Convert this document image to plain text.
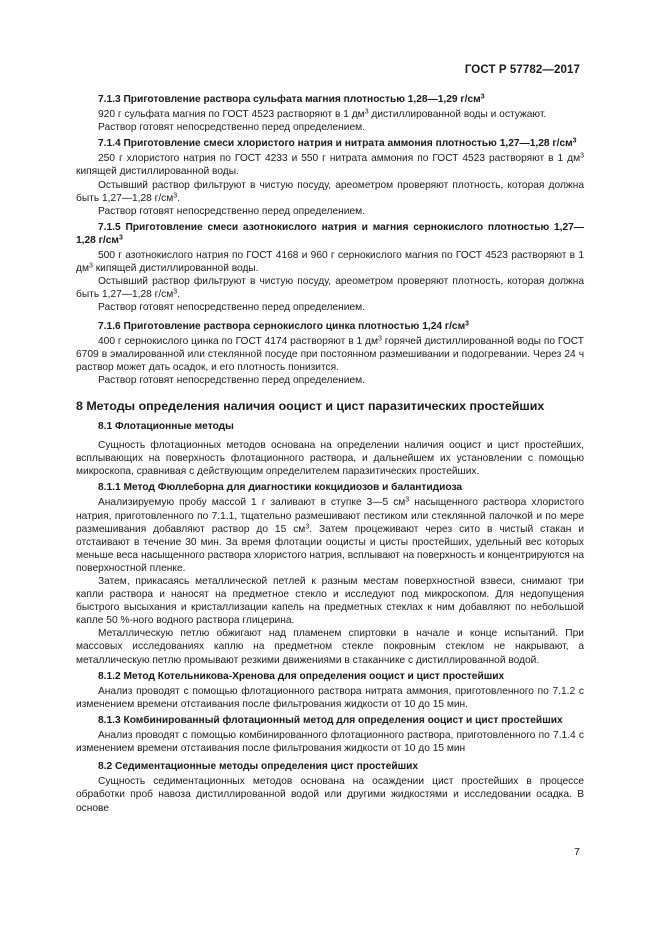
ГОСТ Р 57782—2017

7.1.3 Приготовление раствора сульфата магния плотностью 1,28—1,29 $г/см^3$

920 г сульфата магния по ГОСТ 4523 растворяют в 1 $дм^3$ дистиллированной воды и остужают.

Раствор готовят непосредственно перед определением.

7.1.4 Приготовление смеси хлористого натрия и нитрата аммония плотностью 1,27—1,28 $г/см^3$

250 г хлористого натрия по ГОСТ 4233 и 550 г нитрата аммония по ГОСТ 4523 растворяют в 1 $дм^3$ кипящей дистиллированной воды.

Остывший раствор фильтруют в чистую посуду, ареометром проверяют плотность, которая должна быть 1,27—1,28 $г/см^3$.

Раствор готовят непосредственно перед определением.

7.1.5 Приготовление смеси азотнокислого натрия и магния сернокислого плотностью 1,27—1,28 $г/см^3$

500 г азотнокислого натрия по ГОСТ 4168 и 960 г сернокислого магния по ГОСТ 4523 растворяют в 1 $дм^3$ кипящей дистиллированной воды.

Остывший раствор фильтруют в чистую посуду, ареометром проверяют плотность, которая должна быть 1,27—1,28 $г/см^3$.

Раствор готовят непосредственно перед определением.

7.1.6 Приготовление раствора сернокислого цинка плотностью 1,24 $г/см^3$

400 г сернокислого цинка по ГОСТ 4174 растворяют в 1 $дм^3$ горячей дистиллированной воды по ГОСТ 6709 в эмалированной или стеклянной посуде при постоянном размешивании и подогревании. Через 24 ч раствор может дать осадок, и его плотность понизится.

Раствор готовят непосредственно перед определением.

8 Методы определения наличия ооцист и цист паразитических простейших

8.1 Флотационные методы

Сущность флотационных методов основана на определении наличия ооцист и цист простейших, всплывающих на поверхность флотационного раствора, и дальнейшем их установлении с помощью микроскопа, сравнивая с действующим определителем паразитических простейших.

8.1.1 Метод Фюллеборна для диагностики кокцидиозов и балантидиоза

Анализируемую пробу массой 1 г заливают в ступке 3—5 $см^3$ насыщенного раствора хлористого натрия, приготовленного по 7.1.1, тщательно размешивают пестиком или стеклянной палочкой и по мере размешивания добавляют раствор до 15 $см^3$. Затем процеживают через сито в чистый стакан и отстаивают в течение 30 мин. За время флотации ооцисты и цисты простейших, удельный вес которых меньше веса насыщенного раствора хлористого натрия, всплывают на поверхность и концентрируются на поверхностной пленке.

Затем, прикасаясь металлической петлей к разным местам поверхностной взвеси, снимают три капли раствора и наносят на предметное стекло и исследуют под микроскопом. Для недопущения быстрого высыхания и кристаллизации капель на предметных стеклах к ним добавляют по небольшой капле 50 %-ного водного раствора глицерина.

Металлическую петлю обжигают над пламенем спиртовки в начале и конце испытаний. При массовых исследованиях каплю на предметном стекле покровным стеклом не накрывают, а металлическую петлю промывают резкими движениями в стаканчике с дистиллированной водой.

8.1.2 Метод Котельникова-Хренова для определения ооцист и цист простейших

Анализ проводят с помощью флотационного раствора нитрата аммония, приготовленного по 7.1.2 с изменением времени отстаивания после фильтрования жидкости от 10 до 15 мин.

8.1.3 Комбинированный флотационный метод для определения ооцист и цист простейших

Анализ проводят с помощью комбинированного флотационного раствора, приготовленного по 7.1.4 с изменением времени отстаивания после фильтрования жидкости от 10 до 15 мин

8.2 Седиментационные методы определения цист простейших

Сущность седиментационных методов основана на осаждении цист простейших в процессе обработки проб навоза дистиллированной водой или другими жидкостями и исследовании осадка. В основе

7
